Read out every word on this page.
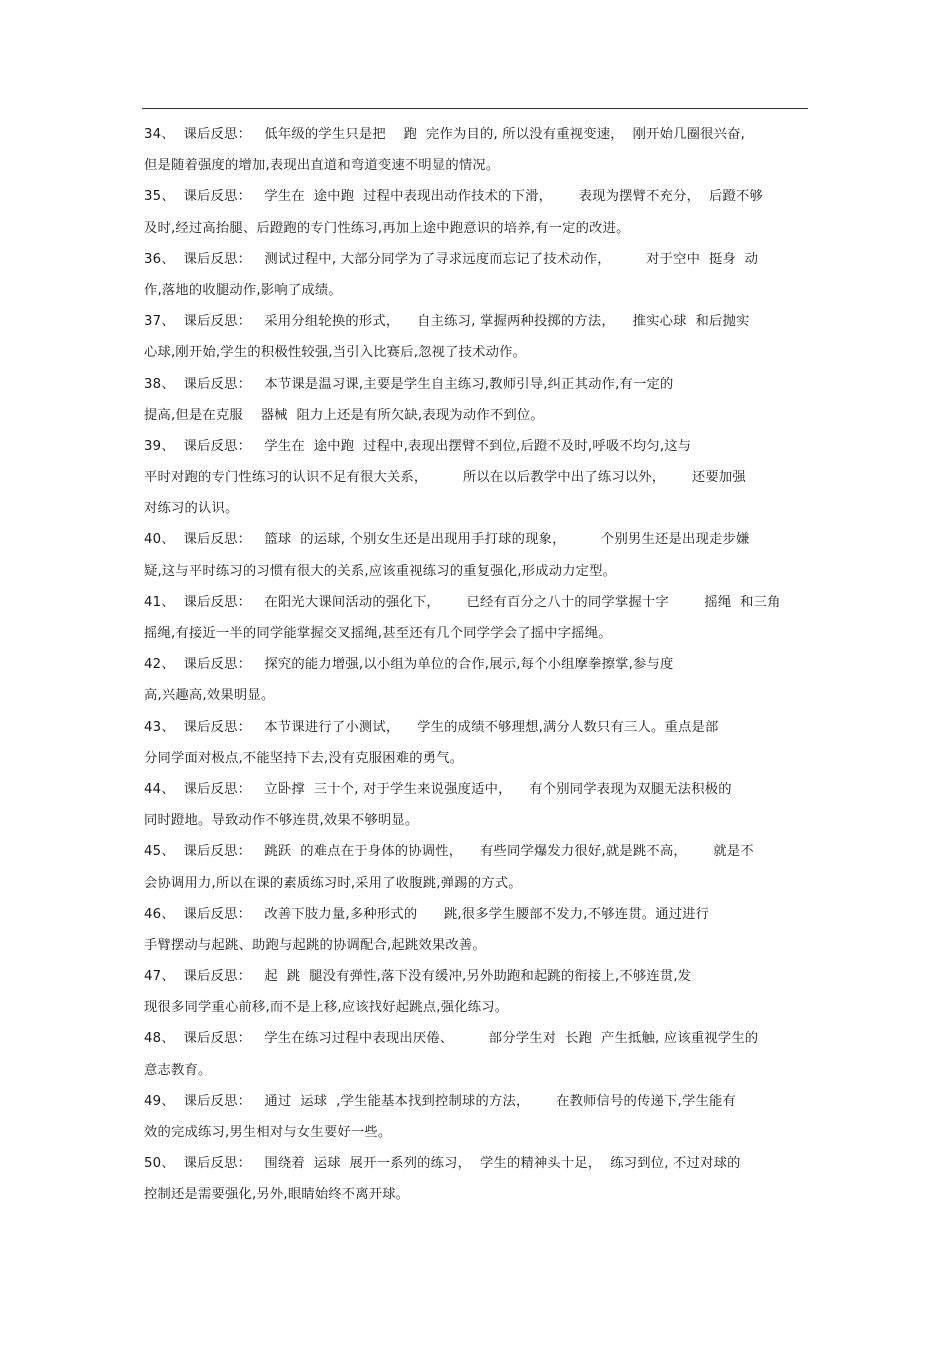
34、  课后反思：   低年级的学生只是把    跑  完作为目的, 所以没有重视变速，  刚开始几圈很兴奋,
但是随着强度的增加,表现出直道和弯道变速不明显的情况。
35、  课后反思：   学生在  途中跑  过程中表现出动作技术的下滑，      表现为摆臂不充分，  后蹬不够
及时,经过高抬腿、后蹬跑的专门性练习,再加上途中跑意识的培养,有一定的改进。
36、  课后反思：   测试过程中, 大部分同学为了寻求远度而忘记了技术动作，        对于空中  挺身  动
作,落地的收腿动作,影响了成绩。
37、  课后反思：   采用分组轮换的形式，    自主练习, 掌握两种投掷的方法，    推实心球  和后抛实
心球,刚开始,学生的积极性较强,当引入比赛后,忽视了技术动作。
38、  课后反思：   本节课是温习课,主要是学生自主练习,教师引导,纠正其动作,有一定的
提高,但是在克服    器械  阻力上还是有所欠缺,表现为动作不到位。
39、  课后反思：   学生在  途中跑  过程中,表现出摆臂不到位,后蹬不及时,呼吸不均匀,这与
平时对跑的专门性练习的认识不足有很大关系，        所以在以后教学中出了练习以外，      还要加强
对练习的认识。
40、  课后反思：   篮球  的运球, 个别女生还是出现用手打球的现象，        个别男生还是出现走步嫌
疑,这与平时练习的习惯有很大的关系,应该重视练习的重复强化,形成动力定型。
41、  课后反思：   在阳光大课间活动的强化下，      已经有百分之八十的同学掌握十字        摇绳  和三角
摇绳,有接近一半的同学能掌握交叉摇绳,甚至还有几个同学学会了摇中字摇绳。
42、  课后反思：   探究的能力增强,以小组为单位的合作,展示,每个小组摩拳擦掌,参与度
高,兴趣高,效果明显。
43、  课后反思：   本节课进行了小测试，    学生的成绩不够理想,满分人数只有三人。重点是部
分同学面对极点,不能坚持下去,没有克服困难的勇气。
44、  课后反思：   立卧撑  三十个, 对于学生来说强度适中，    有个别同学表现为双腿无法积极的
同时蹬地。导致动作不够连贯,效果不够明显。
45、  课后反思：   跳跃  的难点在于身体的协调性，    有些同学爆发力很好,就是跳不高，      就是不
会协调用力,所以在课的素质练习时,采用了收腹跳,弹踢的方式。
46、  课后反思：   改善下肢力量,多种形式的      跳,很多学生腰部不发力,不够连贯。通过进行
手臂摆动与起跳、助跑与起跳的协调配合,起跳效果改善。
47、  课后反思：   起  跳  腿没有弹性,落下没有缓冲,另外助跑和起跳的衔接上,不够连贯,发
现很多同学重心前移,而不是上移,应该找好起跳点,强化练习。
48、  课后反思：   学生在练习过程中表现出厌倦、        部分学生对  长跑  产生抵触, 应该重视学生的
意志教育。
49、  课后反思：   通过  运球  ,学生能基本找到控制球的方法，      在教师信号的传递下,学生能有
效的完成练习,男生相对与女生要好一些。
50、  课后反思：   围绕着  运球  展开一系列的练习，  学生的精神头十足，  练习到位, 不过对球的
控制还是需要强化,另外,眼睛始终不离开球。
